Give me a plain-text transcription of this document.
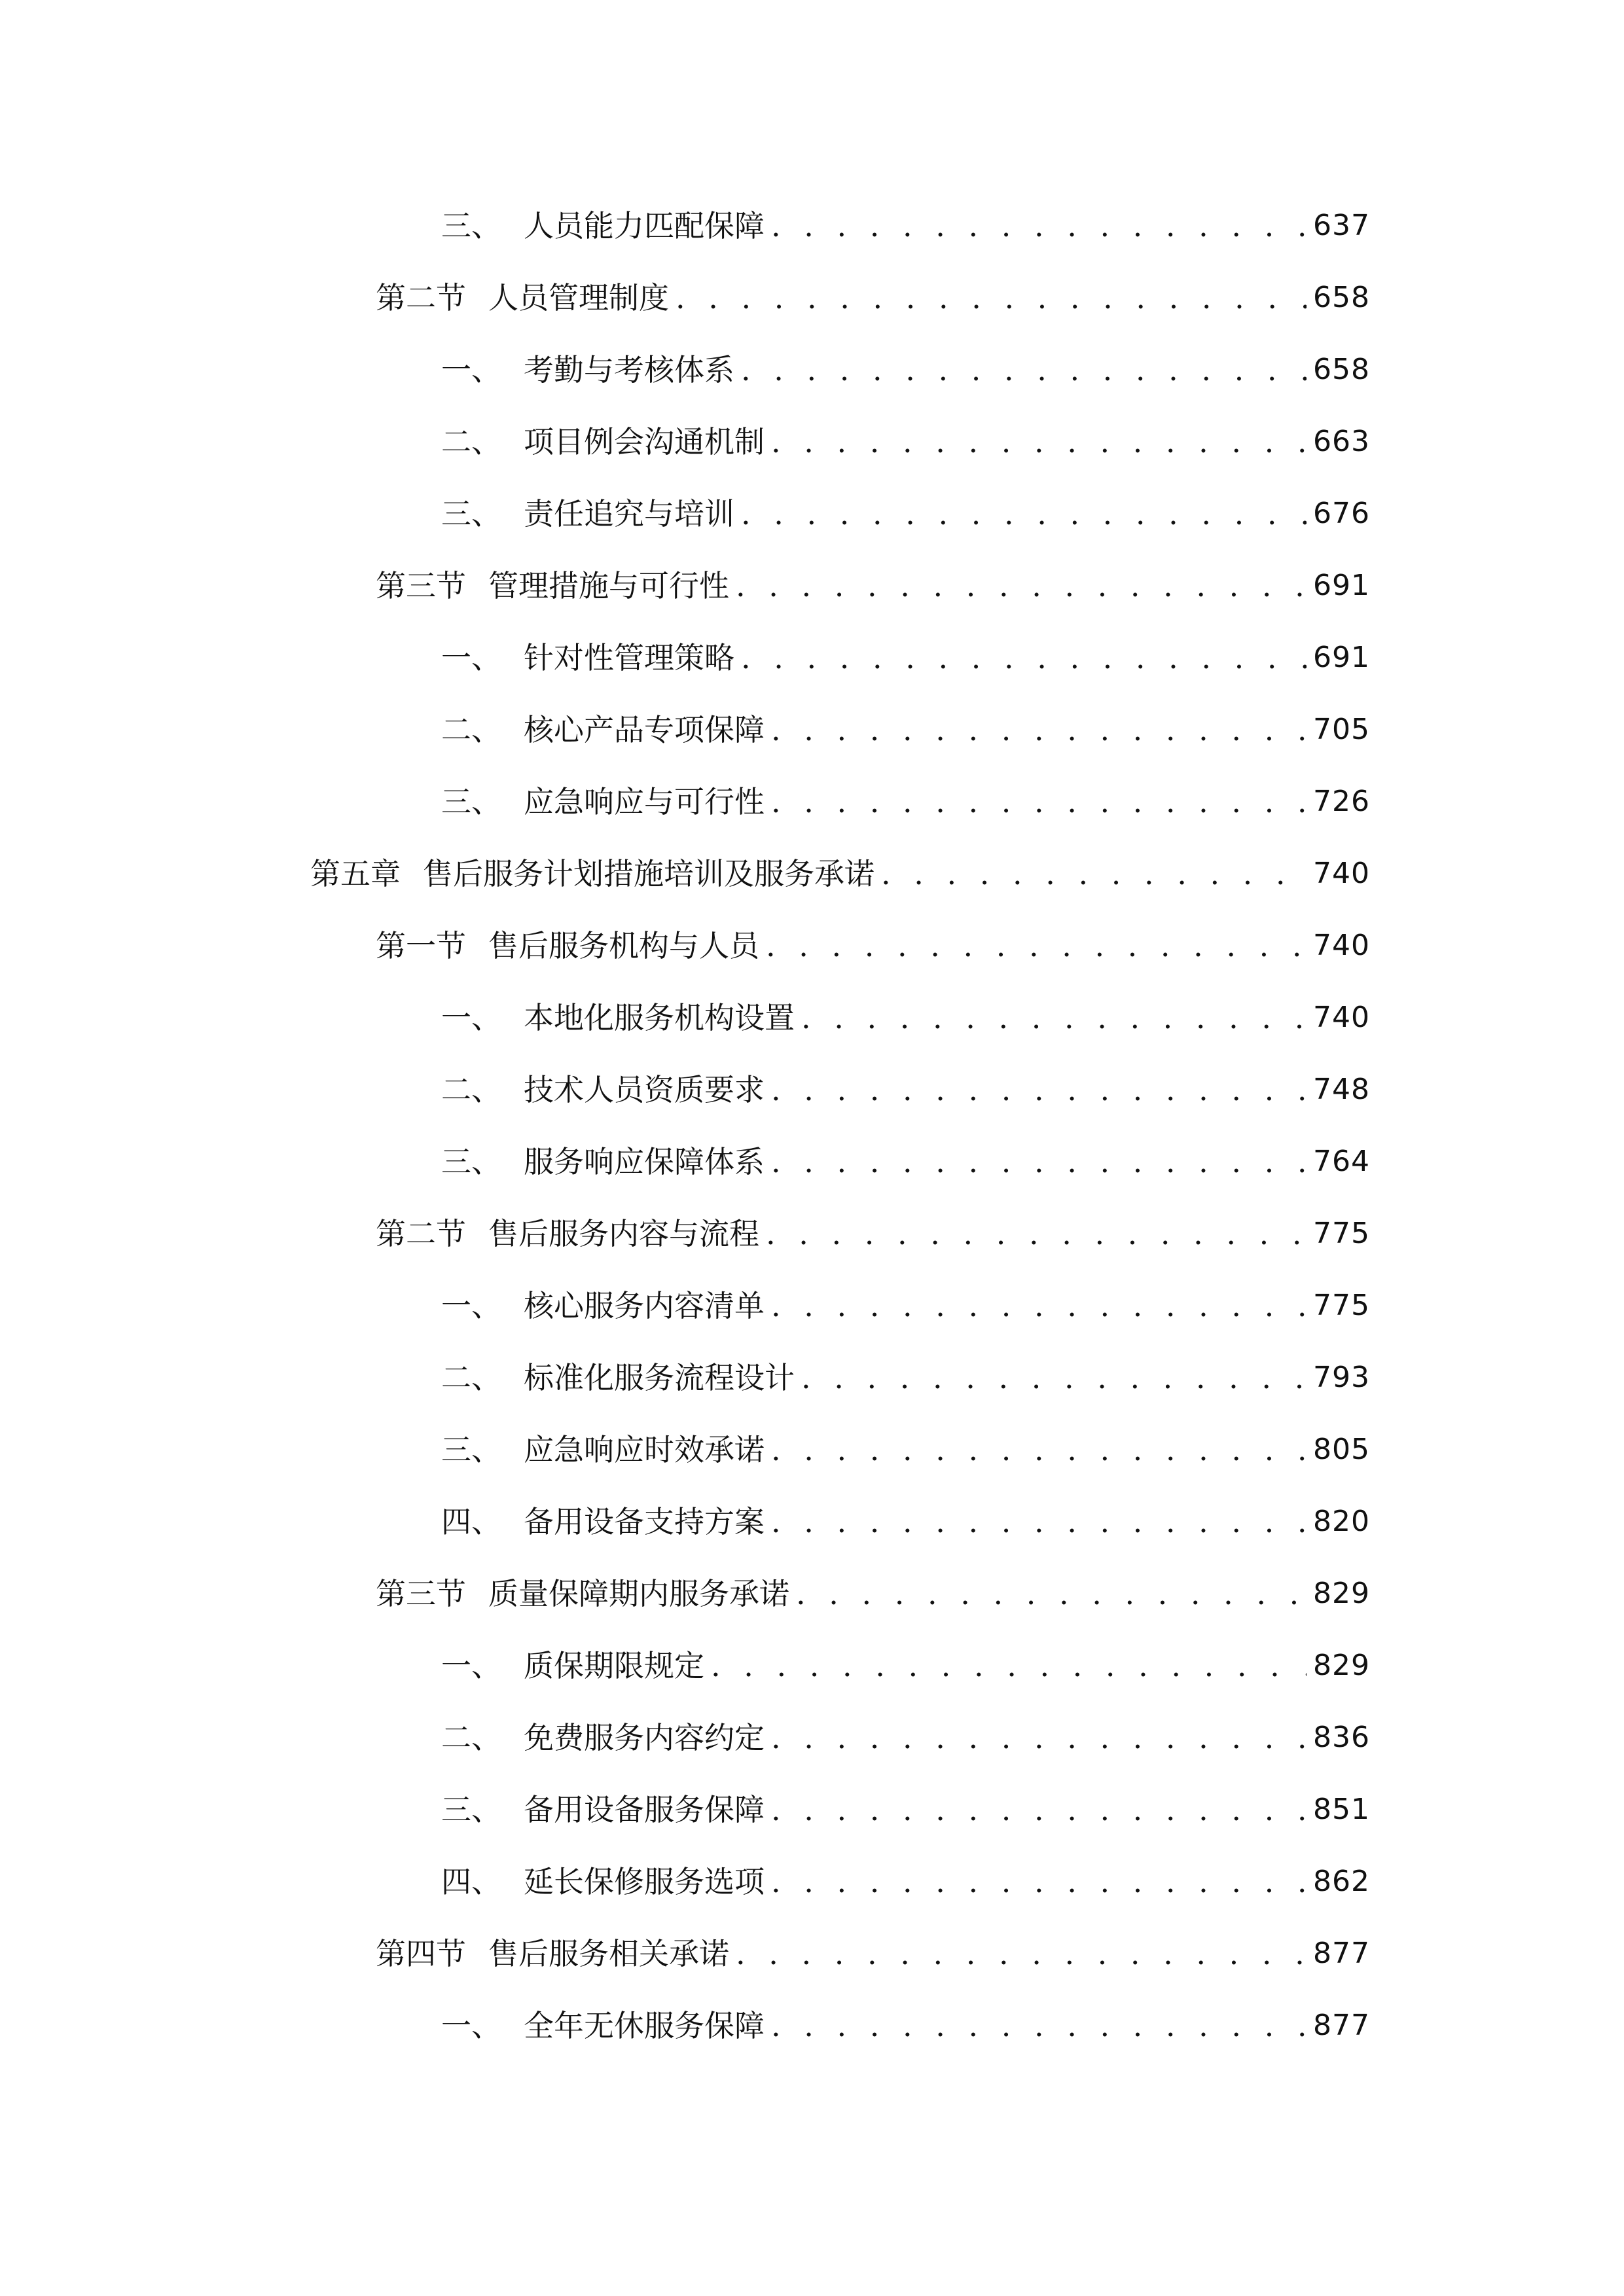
三、 人员能力匹配保障 . . .	637
第二节 人员管理制度 . . .	658
一、 考勤与考核体系 . . .	658
二、 项目例会沟通机制 . . .	663
三、 责任追究与培训 . . .	676
第三节 管理措施与可行性 . . .	691
一、 针对性管理策略 . . .	691
二、 核心产品专项保障 . . .	705
三、 应急响应与可行性 . . .	726
第五章 售后服务计划措施培训及服务承诺 . . .	740
第一节 售后服务机构与人员 . . .	740
一、 本地化服务机构设置 . . .	740
二、 技术人员资质要求 . . .	748
三、 服务响应保障体系 . . .	764
第二节 售后服务内容与流程 . . .	775
一、 核心服务内容清单 . . .	775
二、 标准化服务流程设计 . . .	793
三、 应急响应时效承诺 . . .	805
四、 备用设备支持方案 . . .	820
第三节 质量保障期内服务承诺 . . .	829
一、 质保期限规定 . . .	829
二、 免费服务内容约定 . . .	836
三、 备用设备服务保障 . . .	851
四、 延长保修服务选项 . . .	862
第四节 售后服务相关承诺 . . .	877
一、 全年无休服务保障 . . .	877
